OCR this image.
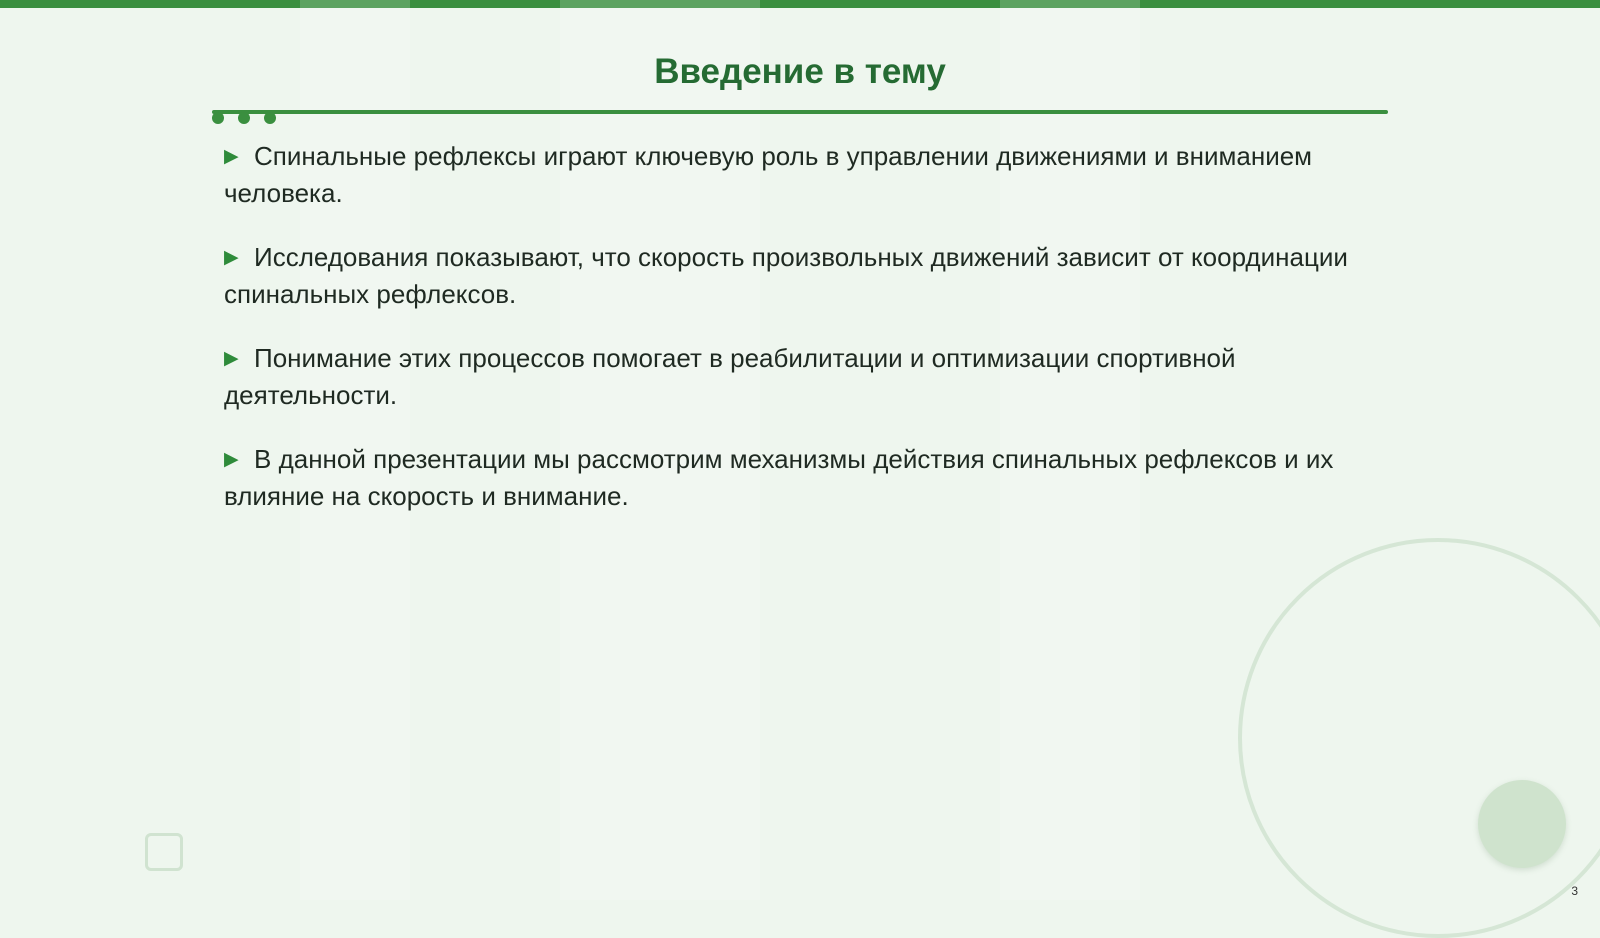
Введение в тему
▶ Спинальные рефлексы играют ключевую роль в управлении движениями и вниманием человека.
▶ Исследования показывают, что скорость произвольных движений зависит от координации спинальных рефлексов.
▶ Понимание этих процессов помогает в реабилитации и оптимизации спортивной деятельности.
▶ В данной презентации мы рассмотрим механизмы действия спинальных рефлексов и их влияние на скорость и внимание.
3
